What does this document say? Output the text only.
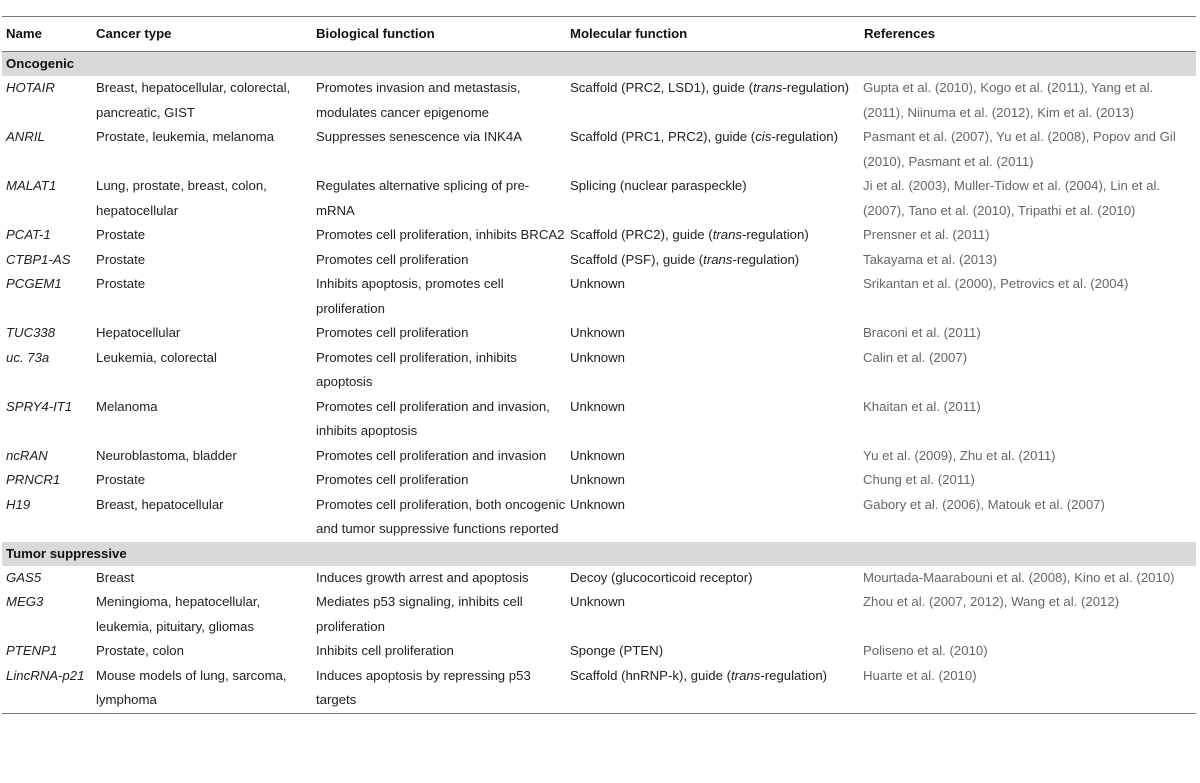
Name	Cancer type	Biological function	Molecular function	References
Oncogenic				
HOTAIR	Breast, hepatocellular, colorectal, pancreatic, GIST	Promotes invasion and metastasis, modulates cancer epigenome	Scaffold (PRC2, LSD1), guide (trans-regulation)	Gupta et al. (2010), Kogo et al. (2011), Yang et al. (2011), Niinuma et al. (2012), Kim et al. (2013)
ANRIL	Prostate, leukemia, melanoma	Suppresses senescence via INK4A	Scaffold (PRC1, PRC2), guide (cis-regulation)	Pasmant et al. (2007), Yu et al. (2008), Popov and Gil (2010), Pasmant et al. (2011)
MALAT1	Lung, prostate, breast, colon, hepatocellular	Regulates alternative splicing of pre-mRNA	Splicing (nuclear paraspeckle)	Ji et al. (2003), Muller-Tidow et al. (2004), Lin et al. (2007), Tano et al. (2010), Tripathi et al. (2010)
PCAT-1	Prostate	Promotes cell proliferation, inhibits BRCA2	Scaffold (PRC2), guide (trans-regulation)	Prensner et al. (2011)
CTBP1-AS	Prostate	Promotes cell proliferation	Scaffold (PSF), guide (trans-regulation)	Takayama et al. (2013)
PCGEM1	Prostate	Inhibits apoptosis, promotes cell proliferation	Unknown	Srikantan et al. (2000), Petrovics et al. (2004)
TUC338	Hepatocellular	Promotes cell proliferation	Unknown	Braconi et al. (2011)
uc. 73a	Leukemia, colorectal	Promotes cell proliferation, inhibits apoptosis	Unknown	Calin et al. (2007)
SPRY4-IT1	Melanoma	Promotes cell proliferation and invasion, inhibits apoptosis	Unknown	Khaitan et al. (2011)
ncRAN	Neuroblastoma, bladder	Promotes cell proliferation and invasion	Unknown	Yu et al. (2009), Zhu et al. (2011)
PRNCR1	Prostate	Promotes cell proliferation	Unknown	Chung et al. (2011)
H19	Breast, hepatocellular	Promotes cell proliferation, both oncogenic and tumor suppressive functions reported	Unknown	Gabory et al. (2006), Matouk et al. (2007)
Tumor suppressive				
GAS5	Breast	Induces growth arrest and apoptosis	Decoy (glucocorticoid receptor)	Mourtada-Maarabouni et al. (2008), Kino et al. (2010)
MEG3	Meningioma, hepatocellular, leukemia, pituitary, gliomas	Mediates p53 signaling, inhibits cell proliferation	Unknown	Zhou et al. (2007, 2012), Wang et al. (2012)
PTENP1	Prostate, colon	Inhibits cell proliferation	Sponge (PTEN)	Poliseno et al. (2010)
LincRNA-p21	Mouse models of lung, sarcoma, lymphoma	Induces apoptosis by repressing p53 targets	Scaffold (hnRNP-k), guide (trans-regulation)	Huarte et al. (2010)
